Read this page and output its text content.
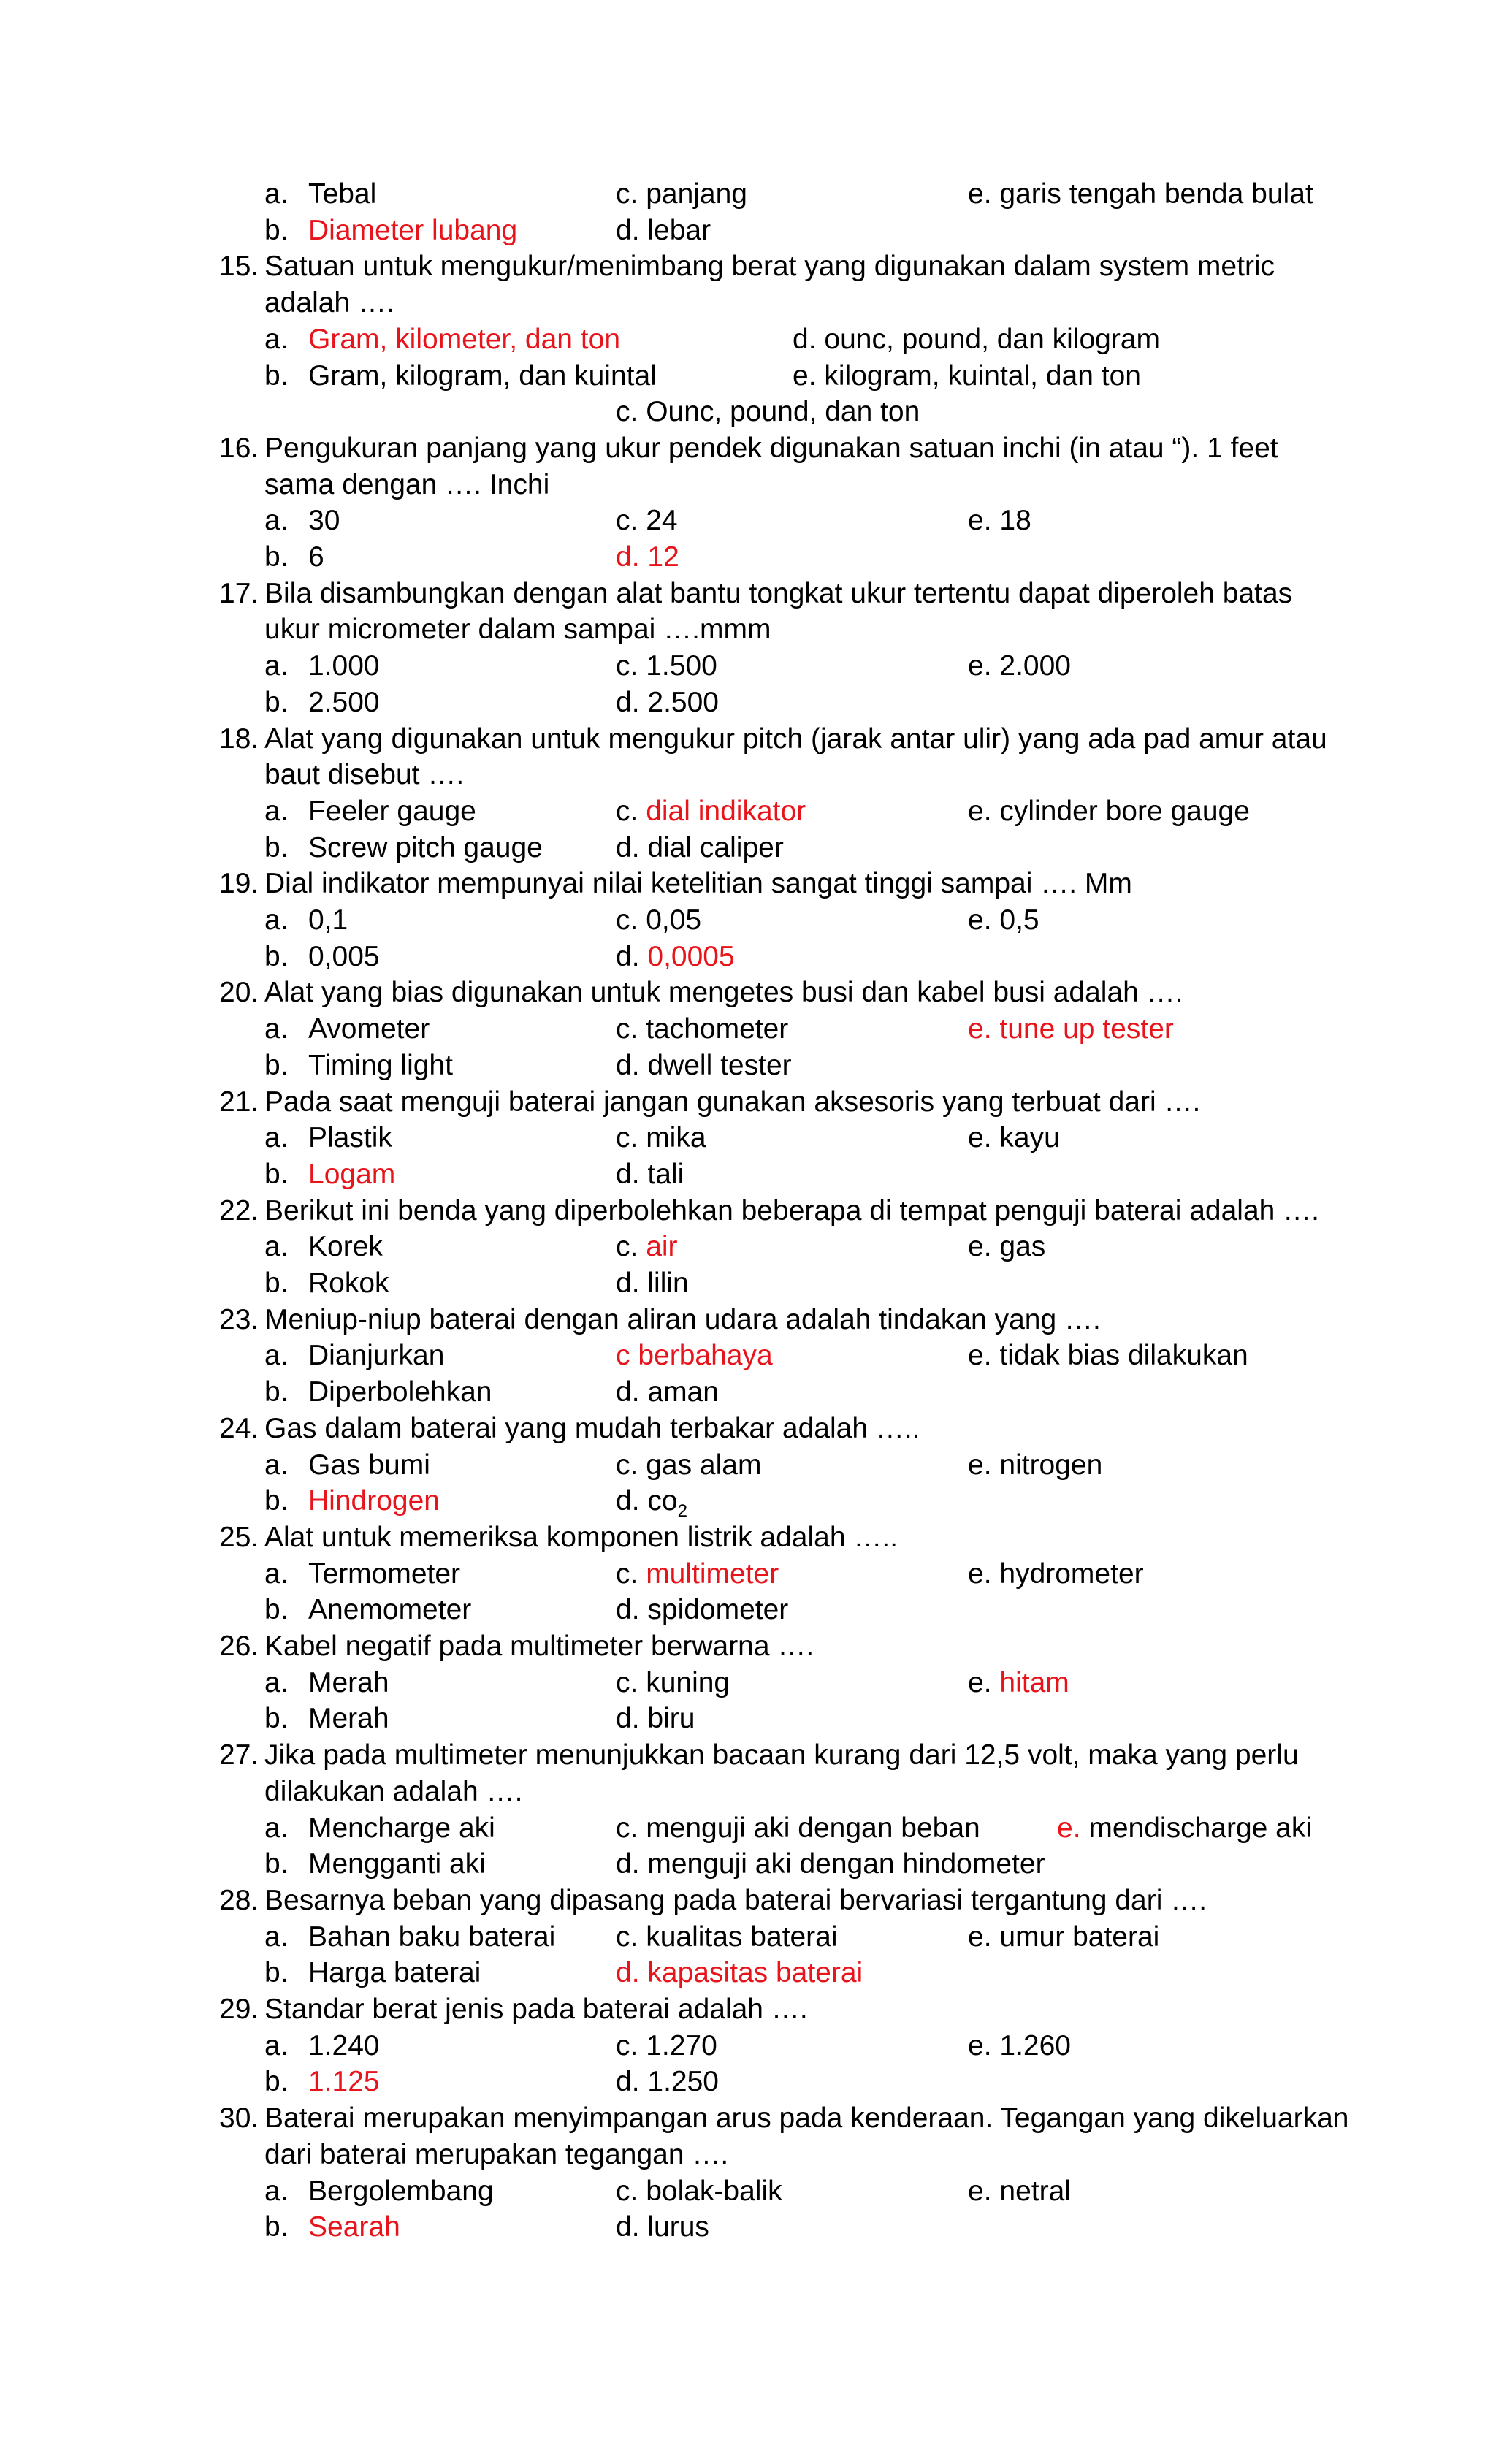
a. Tebal	c. panjang	e. garis tengah benda bulat
b. Diameter lubang	d. lebar
15. Satuan untuk mengukur/menimbang berat yang digunakan dalam system metric
adalah ….
a. Gram, kilometer, dan ton	d. ounc, pound, dan kilogram
b. Gram, kilogram, dan kuintal	e. kilogram, kuintal, dan ton
c. Ounc, pound, dan ton
16. Pengukuran panjang yang ukur pendek digunakan satuan inchi (in atau “). 1 feet
sama dengan …. Inchi
a. 30	c. 24	e. 18
b. 6	d. 12
17. Bila disambungkan dengan alat bantu tongkat ukur tertentu dapat diperoleh batas
ukur micrometer dalam sampai ….mmm
a. 1.000	c. 1.500	e. 2.000
b. 2.500	d. 2.500
18. Alat yang digunakan untuk mengukur pitch (jarak antar ulir) yang ada pad amur atau
baut disebut ….
a. Feeler gauge	c. dial indikator	e. cylinder bore gauge
b. Screw pitch gauge	d. dial caliper
19. Dial indikator mempunyai nilai ketelitian sangat tinggi sampai …. Mm
a. 0,1	c. 0,05	e. 0,5
b. 0,005	d. 0,0005
20. Alat yang bias digunakan untuk mengetes busi dan kabel busi adalah ….
a. Avometer	c. tachometer	e. tune up tester
b. Timing light	d. dwell tester
21. Pada saat menguji baterai jangan gunakan aksesoris yang terbuat dari ….
a. Plastik	c. mika	e. kayu
b. Logam	d. tali
22. Berikut ini benda yang diperbolehkan beberapa di tempat penguji baterai adalah ….
a. Korek	c. air	e. gas
b. Rokok	d. lilin
23. Meniup-niup baterai dengan aliran udara adalah tindakan yang ….
a. Dianjurkan	c berbahaya	e. tidak bias dilakukan
b. Diperbolehkan	d. aman
24. Gas dalam baterai yang mudah terbakar adalah …..
a. Gas bumi	c. gas alam	e. nitrogen
b. Hindrogen	d. $co_2$
25. Alat untuk memeriksa komponen listrik adalah …..
a. Termometer	c. multimeter	e. hydrometer
b. Anemometer	d. spidometer
26. Kabel negatif pada multimeter berwarna ….
a. Merah	c. kuning	e. hitam
b. Merah	d. biru
27. Jika pada multimeter menunjukkan bacaan kurang dari 12,5 volt, maka yang perlu
dilakukan adalah ….
a. Mencharge aki	c. menguji aki dengan beban	e. mendischarge aki
b. Mengganti aki	d. menguji aki dengan hindometer
28. Besarnya beban yang dipasang pada baterai bervariasi tergantung dari ….
a. Bahan baku baterai c. kualitas baterai	e. umur baterai
b. Harga baterai	d. kapasitas baterai
29. Standar berat jenis pada baterai adalah ….
a. 1.240	c. 1.270	e. 1.260
b. 1.125	d. 1.250
30. Baterai merupakan menyimpangan arus pada kenderaan. Tegangan yang dikeluarkan
dari baterai merupakan tegangan ….
a. Bergolembang	c. bolak-balik	e. netral
b. Searah	d. lurus
